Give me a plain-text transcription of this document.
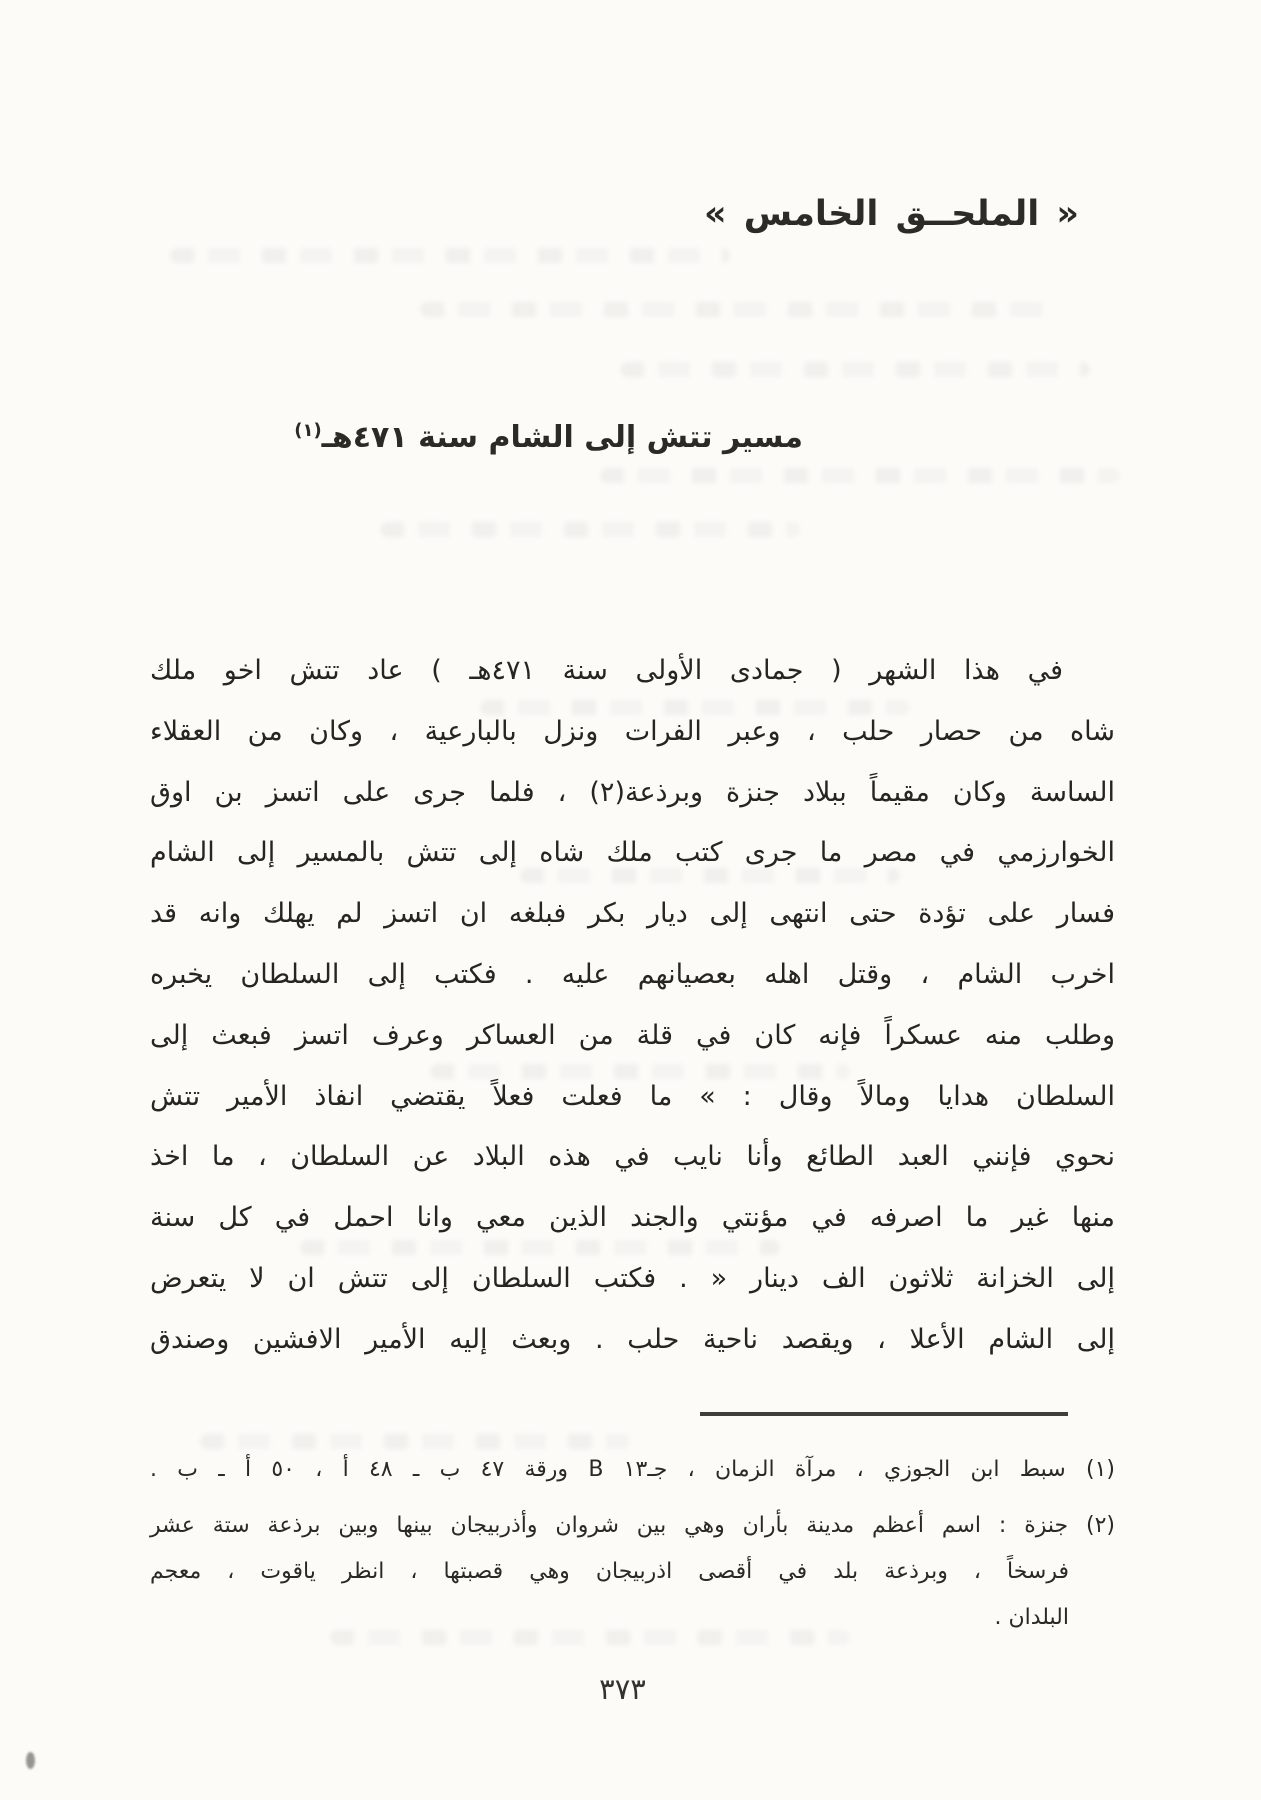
« الملحــق الخامس »
مسير تتش إلى الشام سنة ٤٧١هـ$^{(١)}$
في هذا الشهر ( جمادى الأولى سنة ٤٧١هـ ) عاد تتش اخو ملك
شاه من حصار حلب ، وعبر الفرات ونزل بالبارعية ، وكان من العقلاء
الساسة وكان مقيماً ببلاد جنزة وبرذعة(٢) ، فلما جرى على اتسز بن اوق
الخوارزمي في مصر ما جرى كتب ملك شاه إلى تتش بالمسير إلى الشام
فسار على تؤدة حتى انتهى إلى ديار بكر فبلغه ان اتسز لم يهلك وانه قد
اخرب الشام ، وقتل اهله بعصيانهم عليه . فكتب إلى السلطان يخبره
وطلب منه عسكراً فإنه كان في قلة من العساكر وعرف اتسز فبعث إلى
السلطان هدايا ومالاً وقال : » ما فعلت فعلاً يقتضي انفاذ الأمير تتش
نحوي فإنني العبد الطائع وأنا نايب في هذه البلاد عن السلطان ، ما اخذ
منها غير ما اصرفه في مؤنتي والجند الذين معي وانا احمل في كل سنة
إلى الخزانة ثلاثون الف دينار « . فكتب السلطان إلى تتش ان لا يتعرض
إلى الشام الأعلا ، ويقصد ناحية حلب . وبعث إليه الأمير الافشين وصندق
(١) سبط ابن الجوزي ، مرآة الزمان ، جـ١٣ B ورقة ٤٧ ب ـ ٤٨ أ ، ٥٠ أ ـ ب .
(٢) جنزة : اسم أعظم مدينة بأران وهي بين شروان وأذربيجان بينها وبين برذعة ستة عشر
فرسخاً ، وبرذعة بلد في أقصى اذربيجان وهي قصبتها ، انظر ياقوت ، معجم
البلدان .
٣٧٣
